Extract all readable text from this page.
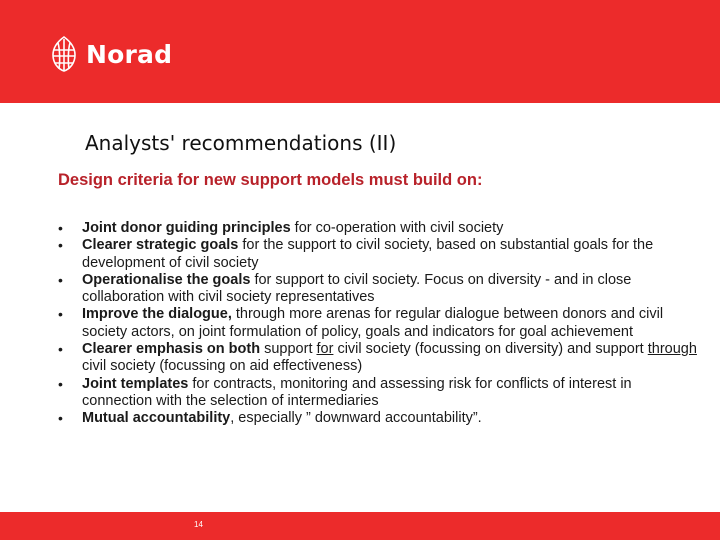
Norad
Analysts' recommendations (II)
Design criteria for new support models must build on:
• Joint donor guiding principles for co-operation with civil society
• Clearer strategic goals for the support to civil society, based on substantial goals for the development of civil society
• Operationalise the goals for support to civil society. Focus on diversity - and in close collaboration with civil society representatives
• Improve the dialogue, through more arenas for regular dialogue between donors and civil society actors, on joint formulation of policy, goals and indicators for goal achievement
• Clearer emphasis on both support for civil society (focussing on diversity) and support through civil society (focussing on aid effectiveness)
• Joint templates for contracts, monitoring and assessing risk for conflicts of interest in connection with the selection of intermediaries
• Mutual accountability, especially ” downward accountability”.
14
